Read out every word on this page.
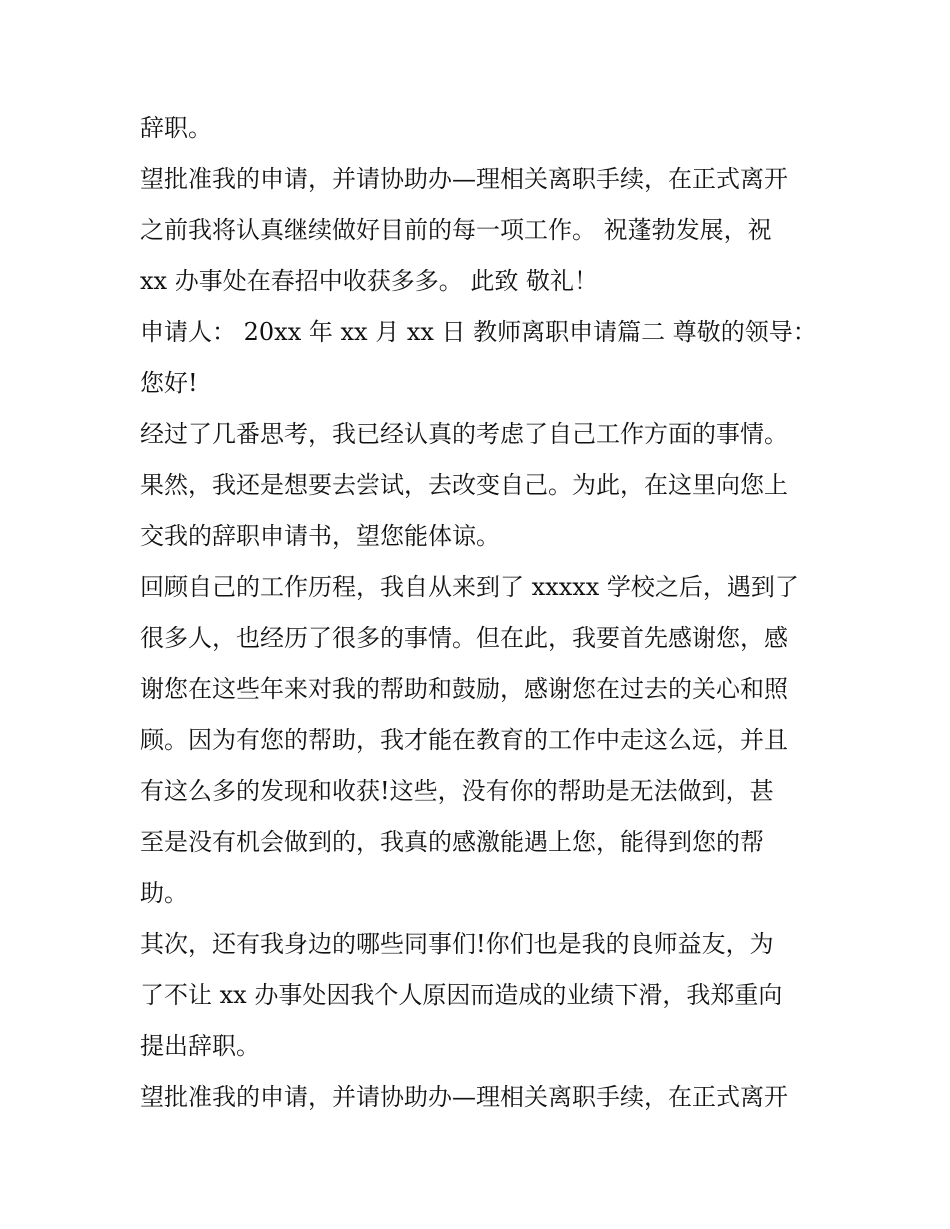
辞职。

望批准我的申请，并请协助办—理相关离职手续，在正式离开

之前我将认真继续做好目前的每一项工作。 祝蓬勃发展，祝

xx 办事处在春招中收获多多。 此致 敬礼！

申请人： 20xx 年 xx 月 xx 日 教师离职申请篇二 尊敬的领导：

您好!

经过了几番思考，我已经认真的考虑了自己工作方面的事情。

果然，我还是想要去尝试，去改变自己。为此，在这里向您上

交我的辞职申请书，望您能体谅。

回顾自己的工作历程，我自从来到了 xxxxx 学校之后，遇到了

很多人，也经历了很多的事情。但在此，我要首先感谢您，感

谢您在这些年来对我的帮助和鼓励，感谢您在过去的关心和照

顾。因为有您的帮助，我才能在教育的工作中走这么远，并且

有这么多的发现和收获!这些，没有你的帮助是无法做到，甚

至是没有机会做到的，我真的感激能遇上您，能得到您的帮

助。

其次，还有我身边的哪些同事们!你们也是我的良师益友，为

了不让 xx 办事处因我个人原因而造成的业绩下滑，我郑重向

提出辞职。

望批准我的申请，并请协助办—理相关离职手续，在正式离开
